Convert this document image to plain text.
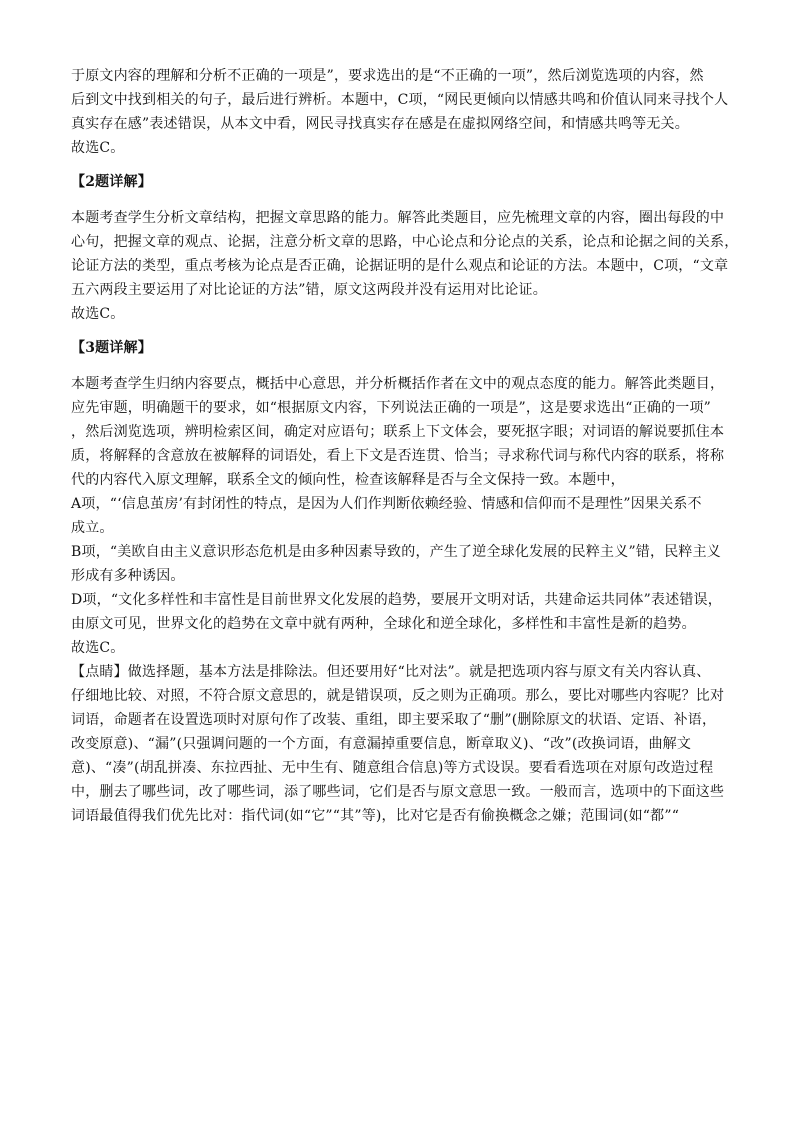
于原文内容的理解和分析不正确的一项是”，要求选出的是“不正确的一项”，然后浏览选项的内容，然
后到文中找到相关的句子，最后进行辨析。本题中，C项，“网民更倾向以情感共鸣和价值认同来寻找个人
真实存在感”表述错误，从本文中看，网民寻找真实存在感是在虚拟网络空间，和情感共鸣等无关。
故选C。
【2题详解】
本题考查学生分析文章结构，把握文章思路的能力。解答此类题目，应先梳理文章的内容，圈出每段的中
心句，把握文章的观点、论据，注意分析文章的思路，中心论点和分论点的关系，论点和论据之间的关系，
论证方法的类型，重点考核为论点是否正确，论据证明的是什么观点和论证的方法。本题中，C项，“文章
五六两段主要运用了对比论证的方法”错，原文这两段并没有运用对比论证。
故选C。
【3题详解】
本题考查学生归纳内容要点，概括中心意思，并分析概括作者在文中的观点态度的能力。解答此类题目，
应先审题，明确题干的要求，如“根据原文内容，下列说法正确的一项是”，这是要求选出“正确的一项”
，然后浏览选项，辨明检索区间，确定对应语句；联系上下文体会，要死抠字眼；对词语的解说要抓住本
质，将解释的含意放在被解释的词语处，看上下文是否连贯、恰当；寻求称代词与称代内容的联系，将称
代的内容代入原文理解，联系全文的倾向性，检查该解释是否与全文保持一致。本题中，
A项，“‘信息茧房’有封闭性的特点，是因为人们作判断依赖经验、情感和信仰而不是理性”因果关系不
成立。
B项，“美欧自由主义意识形态危机是由多种因素导致的，产生了逆全球化发展的民粹主义”错，民粹主义
形成有多种诱因。
D项，“文化多样性和丰富性是目前世界文化发展的趋势，要展开文明对话，共建命运共同体”表述错误，
由原文可见，世界文化的趋势在文章中就有两种，全球化和逆全球化，多样性和丰富性是新的趋势。
故选C。
【点睛】做选择题，基本方法是排除法。但还要用好“比对法”。就是把选项内容与原文有关内容认真、
仔细地比较、对照，不符合原文意思的，就是错误项，反之则为正确项。那么，要比对哪些内容呢？比对
词语，命题者在设置选项时对原句作了改装、重组，即主要采取了“删”(删除原文的状语、定语、补语，
改变原意)、“漏”(只强调问题的一个方面，有意漏掉重要信息，断章取义)、“改”(改换词语，曲解文
意)、“凑”(胡乱拼凑、东拉西扯、无中生有、随意组合信息)等方式设误。要看看选项在对原句改造过程
中，删去了哪些词，改了哪些词，添了哪些词，它们是否与原文意思一致。一般而言，选项中的下面这些
词语最值得我们优先比对：指代词(如“它”“其”等)，比对它是否有偷换概念之嫌；范围词(如“都”“
